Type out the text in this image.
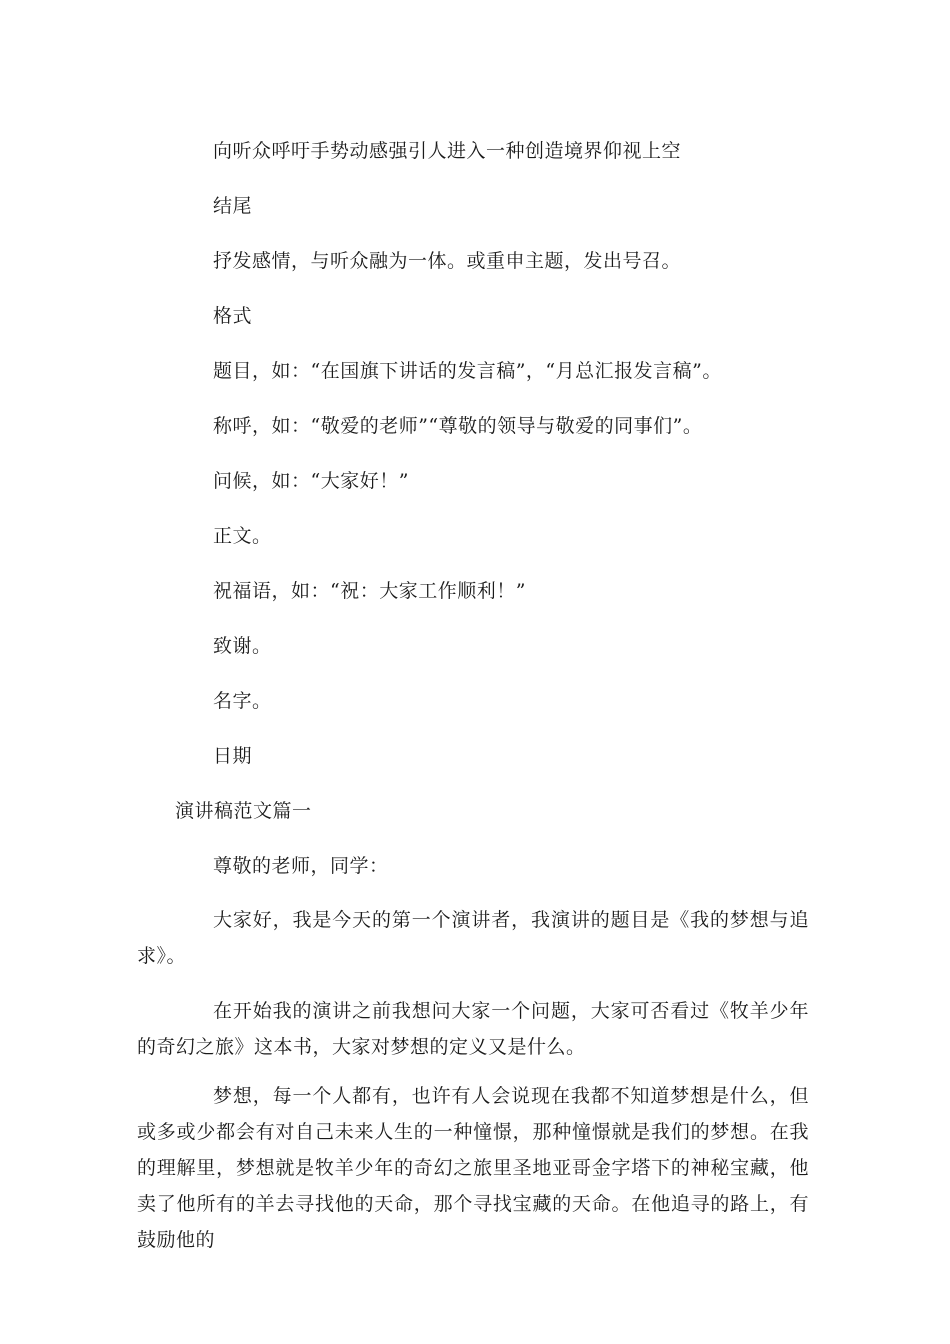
向听众呼吁手势动感强引人进入一种创造境界仰视上空
结尾
抒发感情，与听众融为一体。或重申主题，发出号召。
格式
题目，如：“在国旗下讲话的发言稿”，“月总汇报发言稿”。
称呼，如：“敬爱的老师”“尊敬的领导与敬爱的同事们”。
问候，如：“大家好！”
正文。
祝福语，如：“祝：大家工作顺利！”
致谢。
名字。
日期
演讲稿范文篇一
尊敬的老师，同学：
大家好，我是今天的第一个演讲者，我演讲的题目是《我的梦想与追求》。
在开始我的演讲之前我想问大家一个问题，大家可否看过《牧羊少年的奇幻之旅》这本书，大家对梦想的定义又是什么。
梦想，每一个人都有，也许有人会说现在我都不知道梦想是什么，但或多或少都会有对自己未来人生的一种憧憬，那种憧憬就是我们的梦想。在我的理解里，梦想就是牧羊少年的奇幻之旅里圣地亚哥金字塔下的神秘宝藏，他卖了他所有的羊去寻找他的天命，那个寻找宝藏的天命。在他追寻的路上，有鼓励他的
